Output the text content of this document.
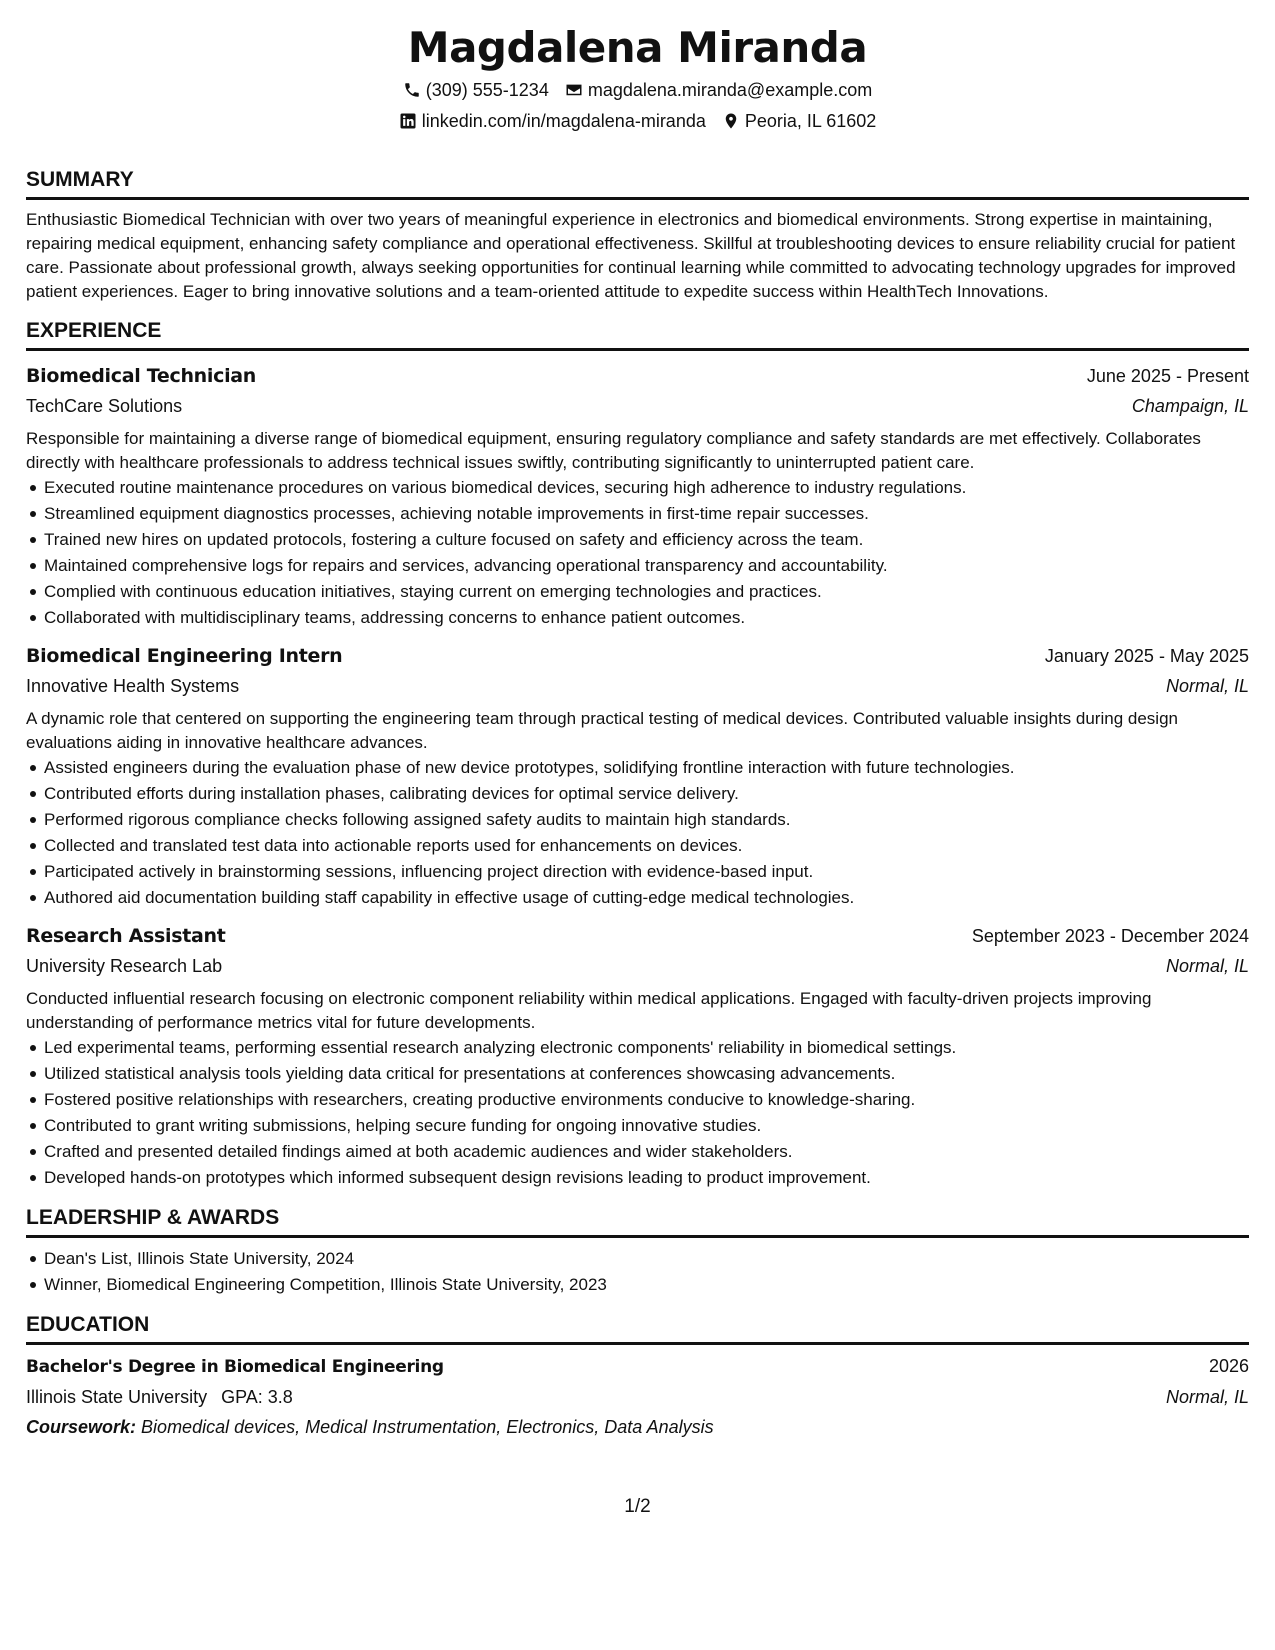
Magdalena Miranda
(309) 555-1234 magdalena.miranda@example.com
linkedin.com/in/magdalena-miranda Peoria, IL 61602
SUMMARY

Enthusiastic Biomedical Technician with over two years of meaningful experience in electronics and biomedical environments. Strong expertise in maintaining, repairing medical equipment, enhancing safety compliance and operational effectiveness. Skillful at troubleshooting devices to ensure reliability crucial for patient care. Passionate about professional growth, always seeking opportunities for continual learning while committed to advocating technology upgrades for improved patient experiences. Eager to bring innovative solutions and a team-oriented attitude to expedite success within HealthTech Innovations.

EXPERIENCE
Biomedical Technician	June 2025 - Present
TechCare Solutions	Champaign, IL

Responsible for maintaining a diverse range of biomedical equipment, ensuring regulatory compliance and safety standards are met effectively. Collaborates directly with healthcare professionals to address technical issues swiftly, contributing significantly to uninterrupted patient care.

Executed routine maintenance procedures on various biomedical devices, securing high adherence to industry regulations.
Streamlined equipment diagnostics processes, achieving notable improvements in first-time repair successes.
Trained new hires on updated protocols, fostering a culture focused on safety and efficiency across the team.
Maintained comprehensive logs for repairs and services, advancing operational transparency and accountability.
Complied with continuous education initiatives, staying current on emerging technologies and practices.
Collaborated with multidisciplinary teams, addressing concerns to enhance patient outcomes.
Biomedical Engineering Intern	January 2025 - May 2025
Innovative Health Systems	Normal, IL

A dynamic role that centered on supporting the engineering team through practical testing of medical devices. Contributed valuable insights during design evaluations aiding in innovative healthcare advances.

Assisted engineers during the evaluation phase of new device prototypes, solidifying frontline interaction with future technologies.
Contributed efforts during installation phases, calibrating devices for optimal service delivery.
Performed rigorous compliance checks following assigned safety audits to maintain high standards.
Collected and translated test data into actionable reports used for enhancements on devices.
Participated actively in brainstorming sessions, influencing project direction with evidence-based input.
Authored aid documentation building staff capability in effective usage of cutting-edge medical technologies.
Research Assistant	September 2023 - December 2024
University Research Lab	Normal, IL

Conducted influential research focusing on electronic component reliability within medical applications. Engaged with faculty-driven projects improving understanding of performance metrics vital for future developments.

Led experimental teams, performing essential research analyzing electronic components' reliability in biomedical settings.
Utilized statistical analysis tools yielding data critical for presentations at conferences showcasing advancements.
Fostered positive relationships with researchers, creating productive environments conducive to knowledge-sharing.
Contributed to grant writing submissions, helping secure funding for ongoing innovative studies.
Crafted and presented detailed findings aimed at both academic audiences and wider stakeholders.
Developed hands-on prototypes which informed subsequent design revisions leading to product improvement.
LEADERSHIP & AWARDS
Dean's List, Illinois State University, 2024
Winner, Biomedical Engineering Competition, Illinois State University, 2023
EDUCATION
Bachelor's Degree in Biomedical Engineering	2026
Illinois State University GPA: 3.8	Normal, IL
Coursework: Biomedical devices, Medical Instrumentation, Electronics, Data Analysis
1/2
